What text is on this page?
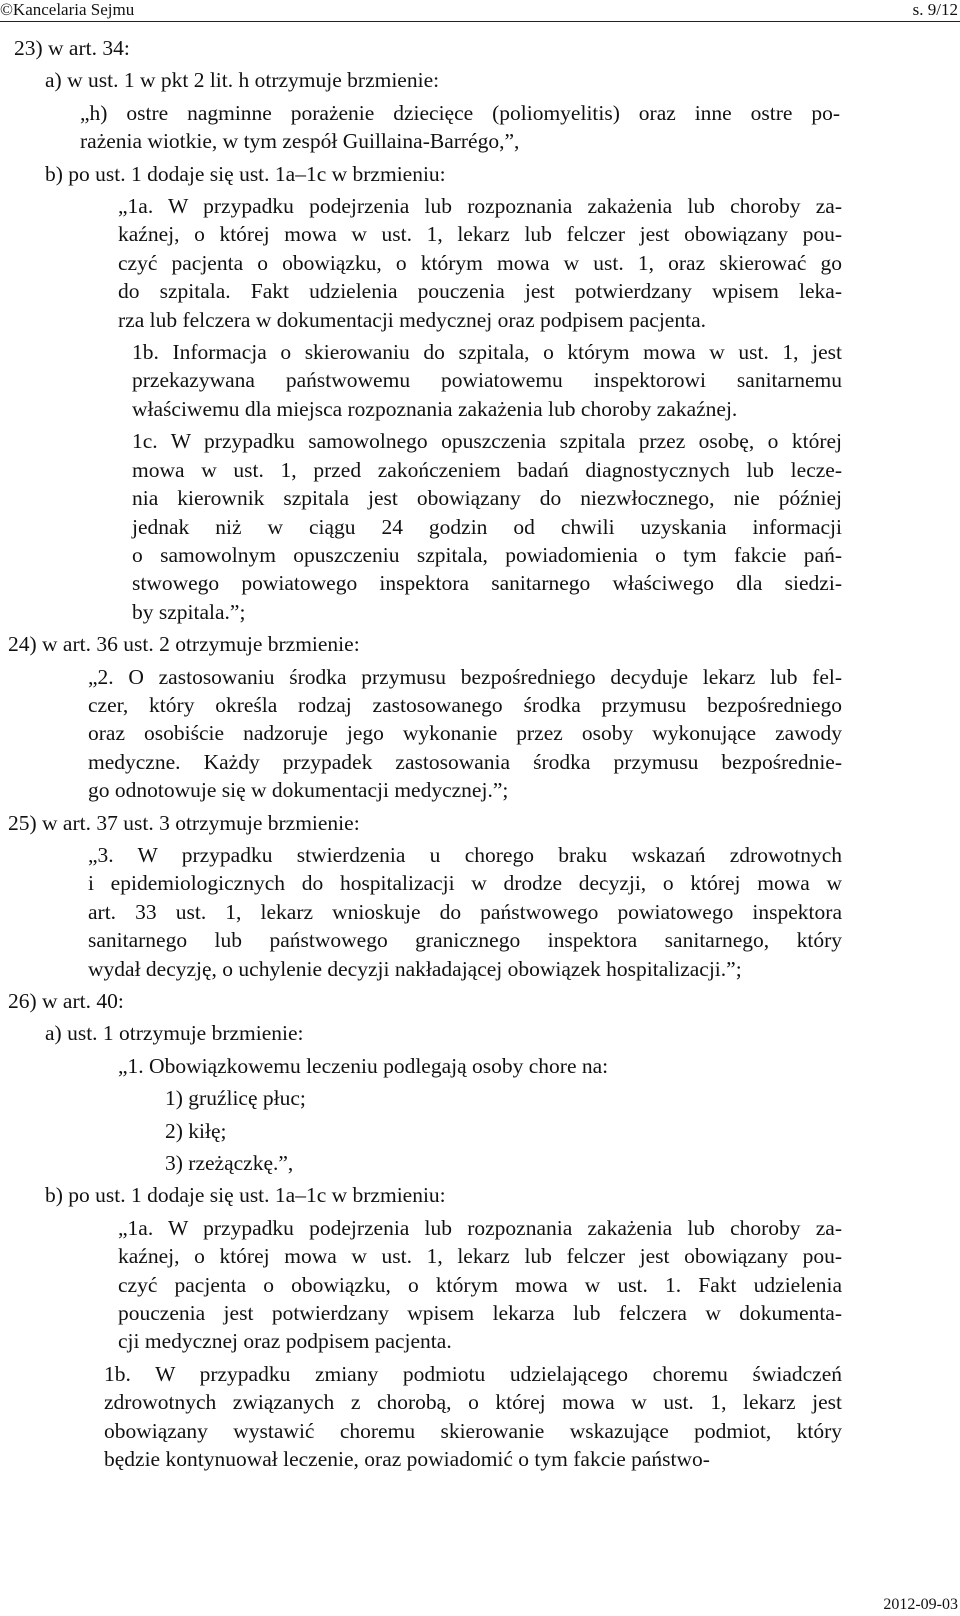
©Kancelaria Sejmu	s. 9/12
23) w art. 34:
a) w ust. 1 w pkt 2 lit. h otrzymuje brzmienie:
„h) ostre nagminne porażenie dziecięce (poliomyelitis) oraz inne ostre po-
rażenia wiotkie, w tym zespół Guillaina-Barrégo,”,
b) po ust. 1 dodaje się ust. 1a–1c w brzmieniu:
„1a. W przypadku podejrzenia lub rozpoznania zakażenia lub choroby za-
kaźnej, o której mowa w ust. 1, lekarz lub felczer jest obowiązany pou-
czyć pacjenta o obowiązku, o którym mowa w ust. 1, oraz skierować go
do szpitala. Fakt udzielenia pouczenia jest potwierdzany wpisem leka-
rza lub felczera w dokumentacji medycznej oraz podpisem pacjenta.
1b. Informacja o skierowaniu do szpitala, o którym mowa w ust. 1, jest
przekazywana państwowemu powiatowemu inspektorowi sanitarnemu
właściwemu dla miejsca rozpoznania zakażenia lub choroby zakaźnej.
1c. W przypadku samowolnego opuszczenia szpitala przez osobę, o której
mowa w ust. 1, przed zakończeniem badań diagnostycznych lub lecze-
nia kierownik szpitala jest obowiązany do niezwłocznego, nie później
jednak niż w ciągu 24 godzin od chwili uzyskania informacji
o samowolnym opuszczeniu szpitala, powiadomienia o tym fakcie pań-
stwowego powiatowego inspektora sanitarnego właściwego dla siedzi-
by szpitala.”;
24) w art. 36 ust. 2 otrzymuje brzmienie:
„2. O zastosowaniu środka przymusu bezpośredniego decyduje lekarz lub fel-
czer, który określa rodzaj zastosowanego środka przymusu bezpośredniego
oraz osobiście nadzoruje jego wykonanie przez osoby wykonujące zawody
medyczne. Każdy przypadek zastosowania środka przymusu bezpośrednie-
go odnotowuje się w dokumentacji medycznej.”;
25) w art. 37 ust. 3 otrzymuje brzmienie:
„3. W przypadku stwierdzenia u chorego braku wskazań zdrowotnych
i epidemiologicznych do hospitalizacji w drodze decyzji, o której mowa w
art. 33 ust. 1, lekarz wnioskuje do państwowego powiatowego inspektora
sanitarnego lub państwowego granicznego inspektora sanitarnego, który
wydał decyzję, o uchylenie decyzji nakładającej obowiązek hospitalizacji.”;
26) w art. 40:
a) ust. 1 otrzymuje brzmienie:
„1. Obowiązkowemu leczeniu podlegają osoby chore na:
1) gruźlicę płuc;
2) kiłę;
3) rzeżączkę.”,
b) po ust. 1 dodaje się ust. 1a–1c w brzmieniu:
„1a. W przypadku podejrzenia lub rozpoznania zakażenia lub choroby za-
kaźnej, o której mowa w ust. 1, lekarz lub felczer jest obowiązany pou-
czyć pacjenta o obowiązku, o którym mowa w ust. 1. Fakt udzielenia
pouczenia jest potwierdzany wpisem lekarza lub felczera w dokumenta-
cji medycznej oraz podpisem pacjenta.
1b. W przypadku zmiany podmiotu udzielającego choremu świadczeń
zdrowotnych związanych z chorobą, o której mowa w ust. 1, lekarz jest
obowiązany wystawić choremu skierowanie wskazujące podmiot, który
będzie kontynuował leczenie, oraz powiadomić o tym fakcie państwo-
2012-09-03
